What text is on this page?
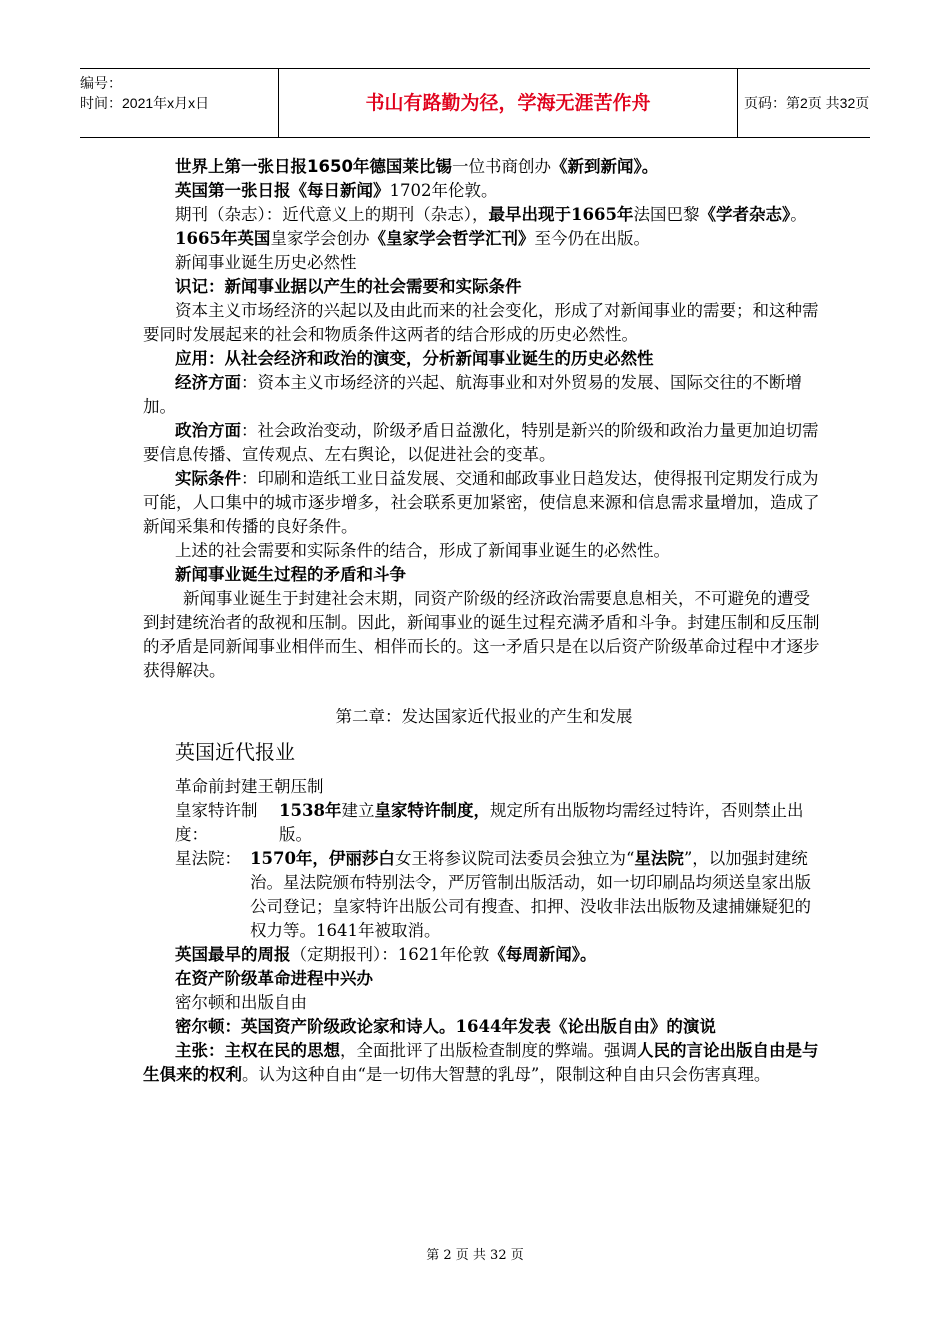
编号：
时间：2021年x月x日	书山有路勤为径，学海无涯苦作舟	页码：第2页 共32页

世界上第一张日报1650年德国莱比锡一位书商创办《新到新闻》。

英国第一张日报《每日新闻》1702年伦敦。

期刊（杂志）：近代意义上的期刊（杂志），最早出现于1665年法国巴黎《学者杂志》。

1665年英国皇家学会创办《皇家学会哲学汇刊》至今仍在出版。

新闻事业诞生历史必然性

识记：新闻事业据以产生的社会需要和实际条件

资本主义市场经济的兴起以及由此而来的社会变化，形成了对新闻事业的需要；和这种需要同时发展起来的社会和物质条件这两者的结合形成的历史必然性。

应用：从社会经济和政治的演变，分析新闻事业诞生的历史必然性

经济方面：资本主义市场经济的兴起、航海事业和对外贸易的发展、国际交往的不断增加。

政治方面：社会政治变动，阶级矛盾日益激化，特别是新兴的阶级和政治力量更加迫切需要信息传播、宣传观点、左右舆论，以促进社会的变革。

实际条件：印刷和造纸工业日益发展、交通和邮政事业日趋发达，使得报刊定期发行成为可能，人口集中的城市逐步增多，社会联系更加紧密，使信息来源和信息需求量增加，造成了新闻采集和传播的良好条件。

上述的社会需要和实际条件的结合，形成了新闻事业诞生的必然性。

新闻事业诞生过程的矛盾和斗争

新闻事业诞生于封建社会末期，同资产阶级的经济政治需要息息相关，不可避免的遭受到封建统治者的敌视和压制。因此，新闻事业的诞生过程充满矛盾和斗争。封建压制和反压制的矛盾是同新闻事业相伴而生、相伴而长的。这一矛盾只是在以后资产阶级革命过程中才逐步获得解决。

第二章：发达国家近代报业的产生和发展

英国近代报业

革命前封建王朝压制

皇家特许制度：
1538年建立皇家特许制度，规定所有出版物均需经过特许，否则禁止出版。
星法院： 1570年，伊丽莎白女王将参议院司法委员会独立为“星法院”，以加强封建统治。星法院颁布特别法令，严厉管制出版活动，如一切印刷品均须送皇家出版公司登记；皇家特许出版公司有搜查、扣押、没收非法出版物及逮捕嫌疑犯的权力等。1641年被取消。

英国最早的周报（定期报刊）：1621年伦敦《每周新闻》。

在资产阶级革命进程中兴办

密尔顿和出版自由

密尔顿：英国资产阶级政论家和诗人。1644年发表《论出版自由》的演说

主张：主权在民的思想，全面批评了出版检查制度的弊端。强调人民的言论出版自由是与生俱来的权利。认为这种自由“是一切伟大智慧的乳母”，限制这种自由只会伤害真理。

第 2 页 共 32 页
